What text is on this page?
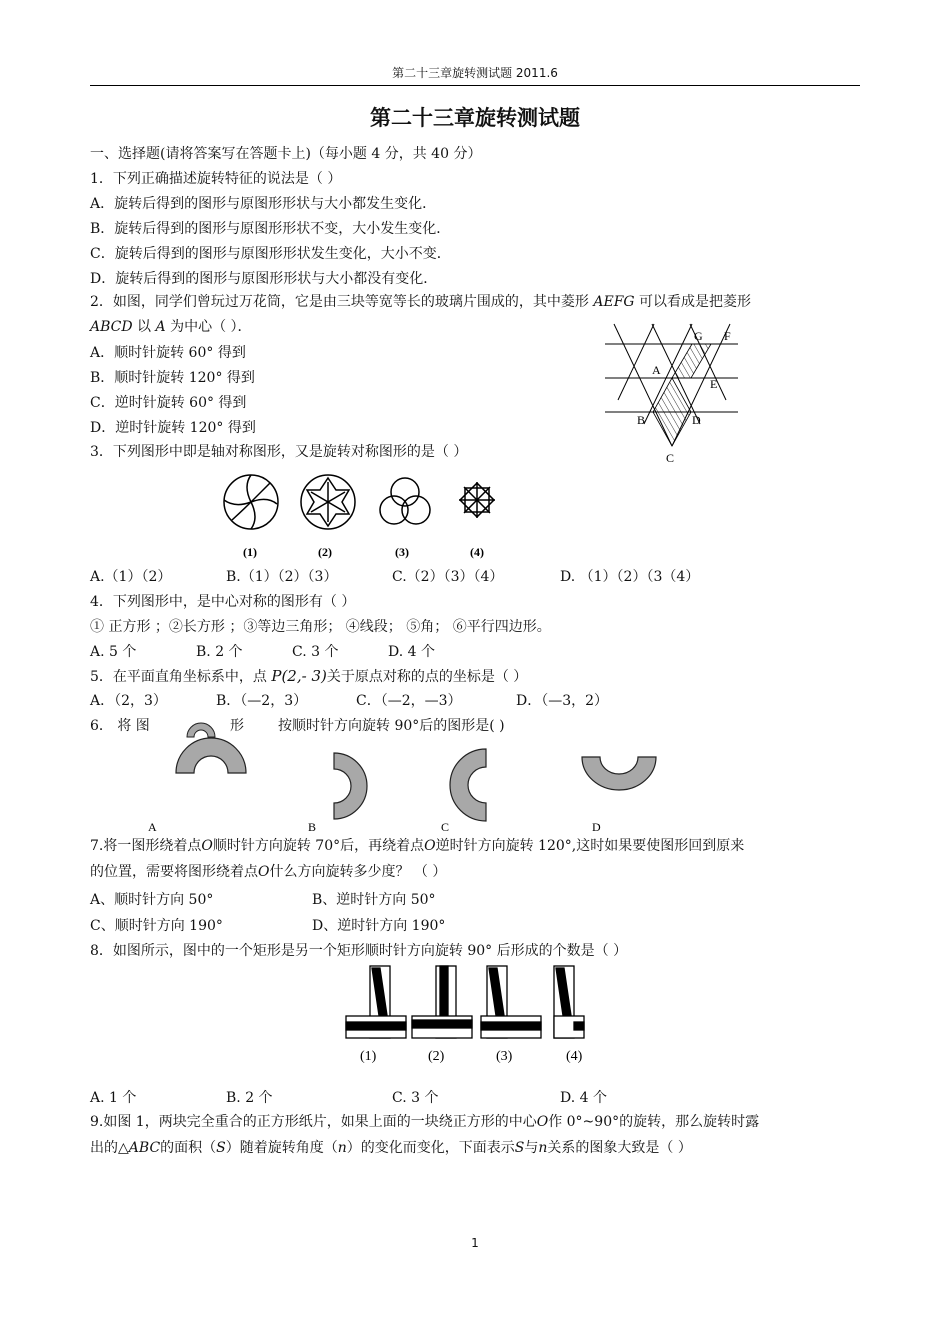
第二十三章旋转测试题 2011.6
第二十三章旋转测试题
一、选择题(请将答案写在答题卡上)（每小题 4 分，共 40 分）
1．下列正确描述旋转特征的说法是（ ）
A．旋转后得到的图形与原图形形状与大小都发生变化．
B．旋转后得到的图形与原图形形状不变，大小发生变化．
C．旋转后得到的图形与原图形形状发生变化，大小不变．
D．旋转后得到的图形与原图形形状与大小都没有变化．
2．如图，同学们曾玩过万花筒，它是由三块等宽等长的玻璃片围成的，其中菱形 AEFG 可以看成是把菱形
ABCD 以 A 为中心（ ）．
A．顺时针旋转 60° 得到
B．顺时针旋转 120° 得到
C．逆时针旋转 60° 得到
D．逆时针旋转 120° 得到
G F
A
E
B	D
C
3．下列图形中即是轴对称图形，又是旋转对称图形的是（ ）
(1)	(2)	(3)	(4)
A.（1）（2）	B.（1）（2）（3）	C.（2）（3）（4）	D. （1）（2）（3（4）
4．下列图形中，是中心对称的图形有（ ）
① 正方形 ；②长方形 ；③等边三角形； ④线段； ⑤角； ⑥平行四边形。
A. 5 个	B. 2 个	C. 3 个	D. 4 个
5．在平面直角坐标系中，点 P(2,- 3)关于原点对称的点的坐标是（ ）
A．（2，3）	B．（—2，3）	C．（—2，—3）	D．（—3，2）
6． 将 图	形 按顺时针方向旋转 90°后的图形是( )
A	B	C	D
7.将一图形绕着点O顺时针方向旋转 70°后，再绕着点O逆时针方向旋转 120°,这时如果要使图形回到原来
的位置，需要将图形绕着点O什么方向旋转多少度？ （ ）
A、顺时针方向 50°	B、逆时针方向 50°
C、顺时针方向 190°	D、逆时针方向 190°
8．如图所示，图中的一个矩形是另一个矩形顺时针方向旋转 90° 后形成的个数是（ ）
(1)	(2)	(3)	(4)
A. 1 个	B. 2 个	C. 3 个	D. 4 个
9.如图 1，两块完全重合的正方形纸片，如果上面的一块绕正方形的中心O作 0°~90°的旋转，那么旋转时露
出的△ABC的面积（S）随着旋转角度（n）的变化而变化，下面表示S与n关系的图象大致是（ ）
1
